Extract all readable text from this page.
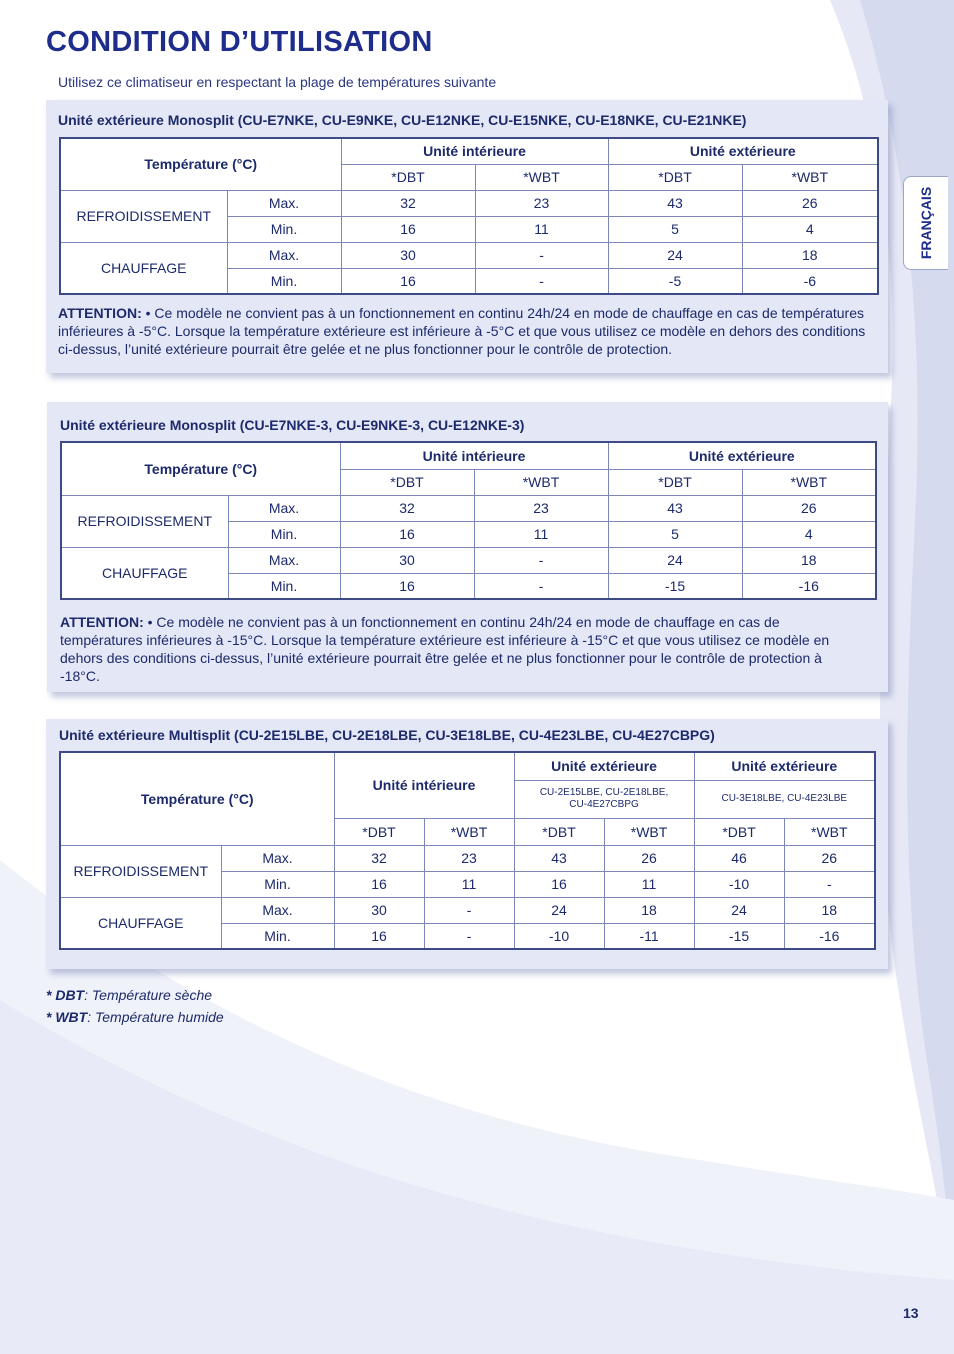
CONDITION D’UTILISATION
Utilisez ce climatiseur en respectant la plage de températures suivante
FRANÇAIS
Unité extérieure Monosplit (CU-E7NKE, CU-E9NKE, CU-E12NKE, CU-E15NKE, CU-E18NKE, CU-E21NKE)
Température (°C)		Unité intérieure		Unité extérieure	
		*DBT	*WBT	*DBT	*WBT
REFROIDISSEMENT	Max.	32	23	43	26
	Min.	16	11	5	4
CHAUFFAGE	Max.	30	-	24	18
	Min.	16	-	-5	-6
ATTENTION: • Ce modèle ne convient pas à un fonctionnement en continu 24h/24 en mode de chauffage en cas de températures inférieures à -5°C. Lorsque la température extérieure est inférieure à -5°C et que vous utilisez ce modèle en dehors des conditions ci-dessus, l’unité extérieure pourrait être gelée et ne plus fonctionner pour le contrôle de protection.
Unité extérieure Monosplit (CU-E7NKE-3, CU-E9NKE-3, CU-E12NKE-3)
Température (°C)		Unité intérieure		Unité extérieure	
		*DBT	*WBT	*DBT	*WBT
REFROIDISSEMENT	Max.	32	23	43	26
	Min.	16	11	5	4
CHAUFFAGE	Max.	30	-	24	18
	Min.	16	-	-15	-16
ATTENTION: • Ce modèle ne convient pas à un fonctionnement en continu 24h/24 en mode de chauffage en cas de températures inférieures à -15°C. Lorsque la température extérieure est inférieure à -15°C et que vous utilisez ce modèle en dehors des conditions ci-dessus, l’unité extérieure pourrait être gelée et ne plus fonctionner pour le contrôle de protection à -18°C.
Unité extérieure Multisplit (CU-2E15LBE, CU-2E18LBE, CU-3E18LBE, CU-4E23LBE, CU-4E27CBPG)
Température (°C)		Unité intérieure		Unité extérieure		Unité extérieure	
				CU-2E15LBE, CU-2E18LBE, CU-4E27CBPG		CU-3E18LBE, CU-4E23LBE	
		*DBT	*WBT	*DBT	*WBT	*DBT	*WBT
REFROIDISSEMENT	Max.	32	23	43	26	46	26
	Min.	16	11	16	11	-10	-
CHAUFFAGE	Max.	30	-	24	18	24	18
	Min.	16	-	-10	-11	-15	-16
* DBT: Température sèche
* WBT: Température humide
13
